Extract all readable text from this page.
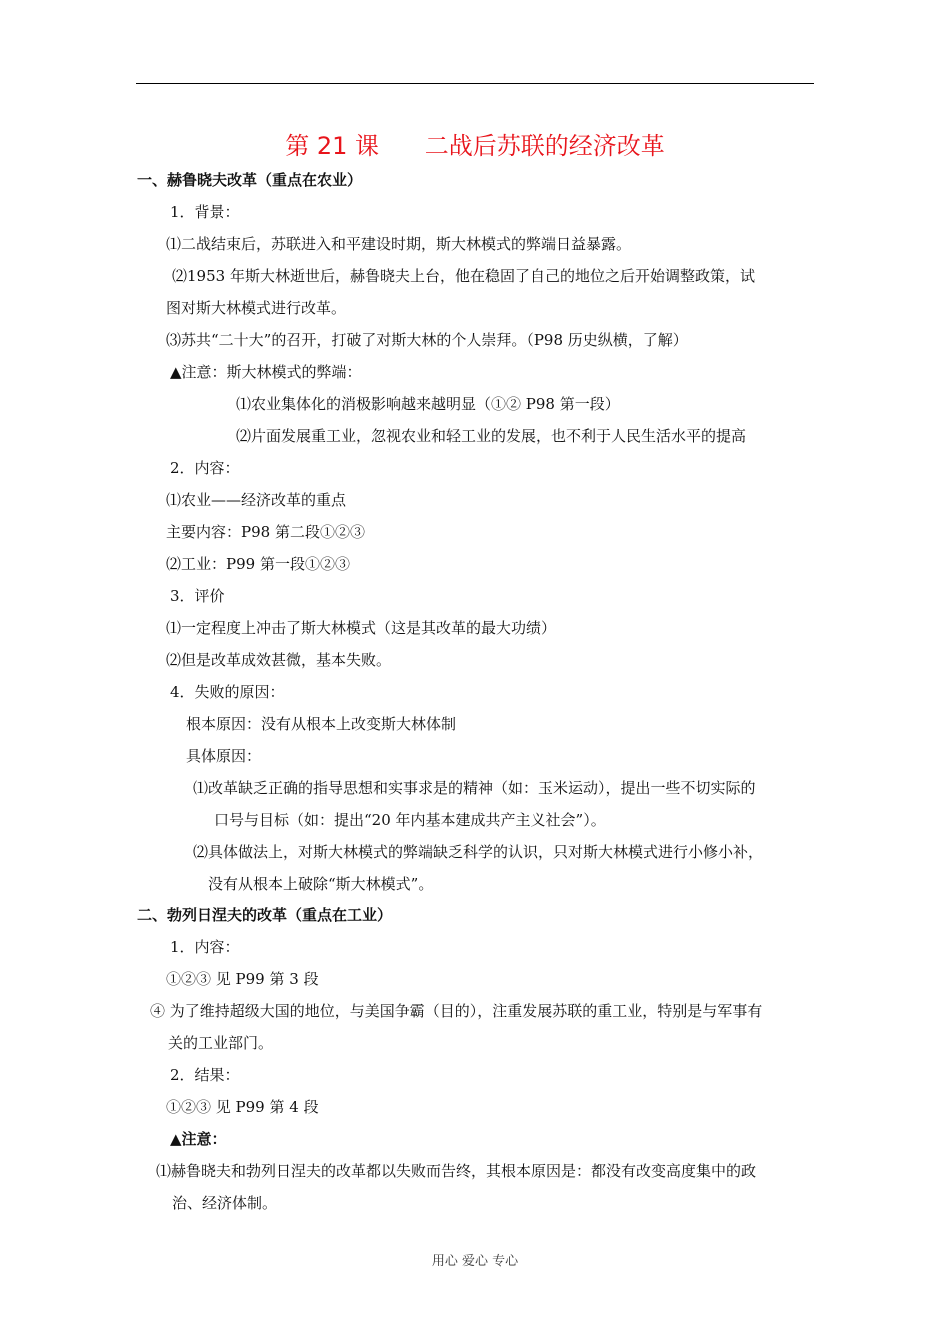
第 21 课      二战后苏联的经济改革
一、赫鲁晓夫改革（重点在农业）
1．背景：
⑴二战结束后，苏联进入和平建设时期，斯大林模式的弊端日益暴露。
⑵1953 年斯大林逝世后，赫鲁晓夫上台，他在稳固了自己的地位之后开始调整政策，试
图对斯大林模式进行改革。
⑶苏共“二十大”的召开，打破了对斯大林的个人崇拜。（P98 历史纵横，了解）
▲注意：斯大林模式的弊端：
⑴农业集体化的消极影响越来越明显（①② P98 第一段）
⑵片面发展重工业，忽视农业和轻工业的发展，也不利于人民生活水平的提高
2．内容：
⑴农业——经济改革的重点
主要内容：P98 第二段①②③
⑵工业：P99 第一段①②③
3．评价
⑴一定程度上冲击了斯大林模式（这是其改革的最大功绩）
⑵但是改革成效甚微，基本失败。
4．失败的原因：
根本原因：没有从根本上改变斯大林体制
具体原因：
⑴改革缺乏正确的指导思想和实事求是的精神（如：玉米运动），提出一些不切实际的
口号与目标（如：提出“20 年内基本建成共产主义社会”）。
⑵具体做法上，对斯大林模式的弊端缺乏科学的认识，只对斯大林模式进行小修小补，
没有从根本上破除“斯大林模式”。
二、勃列日涅夫的改革（重点在工业）
1．内容：
①②③ 见 P99 第 3 段
④ 为了维持超级大国的地位，与美国争霸（目的），注重发展苏联的重工业，特别是与军事有
关的工业部门。
2．结果：
①②③ 见 P99 第 4 段
▲注意：
⑴赫鲁晓夫和勃列日涅夫的改革都以失败而告终，其根本原因是：都没有改变高度集中的政
治、经济体制。
用心 爱心 专心
